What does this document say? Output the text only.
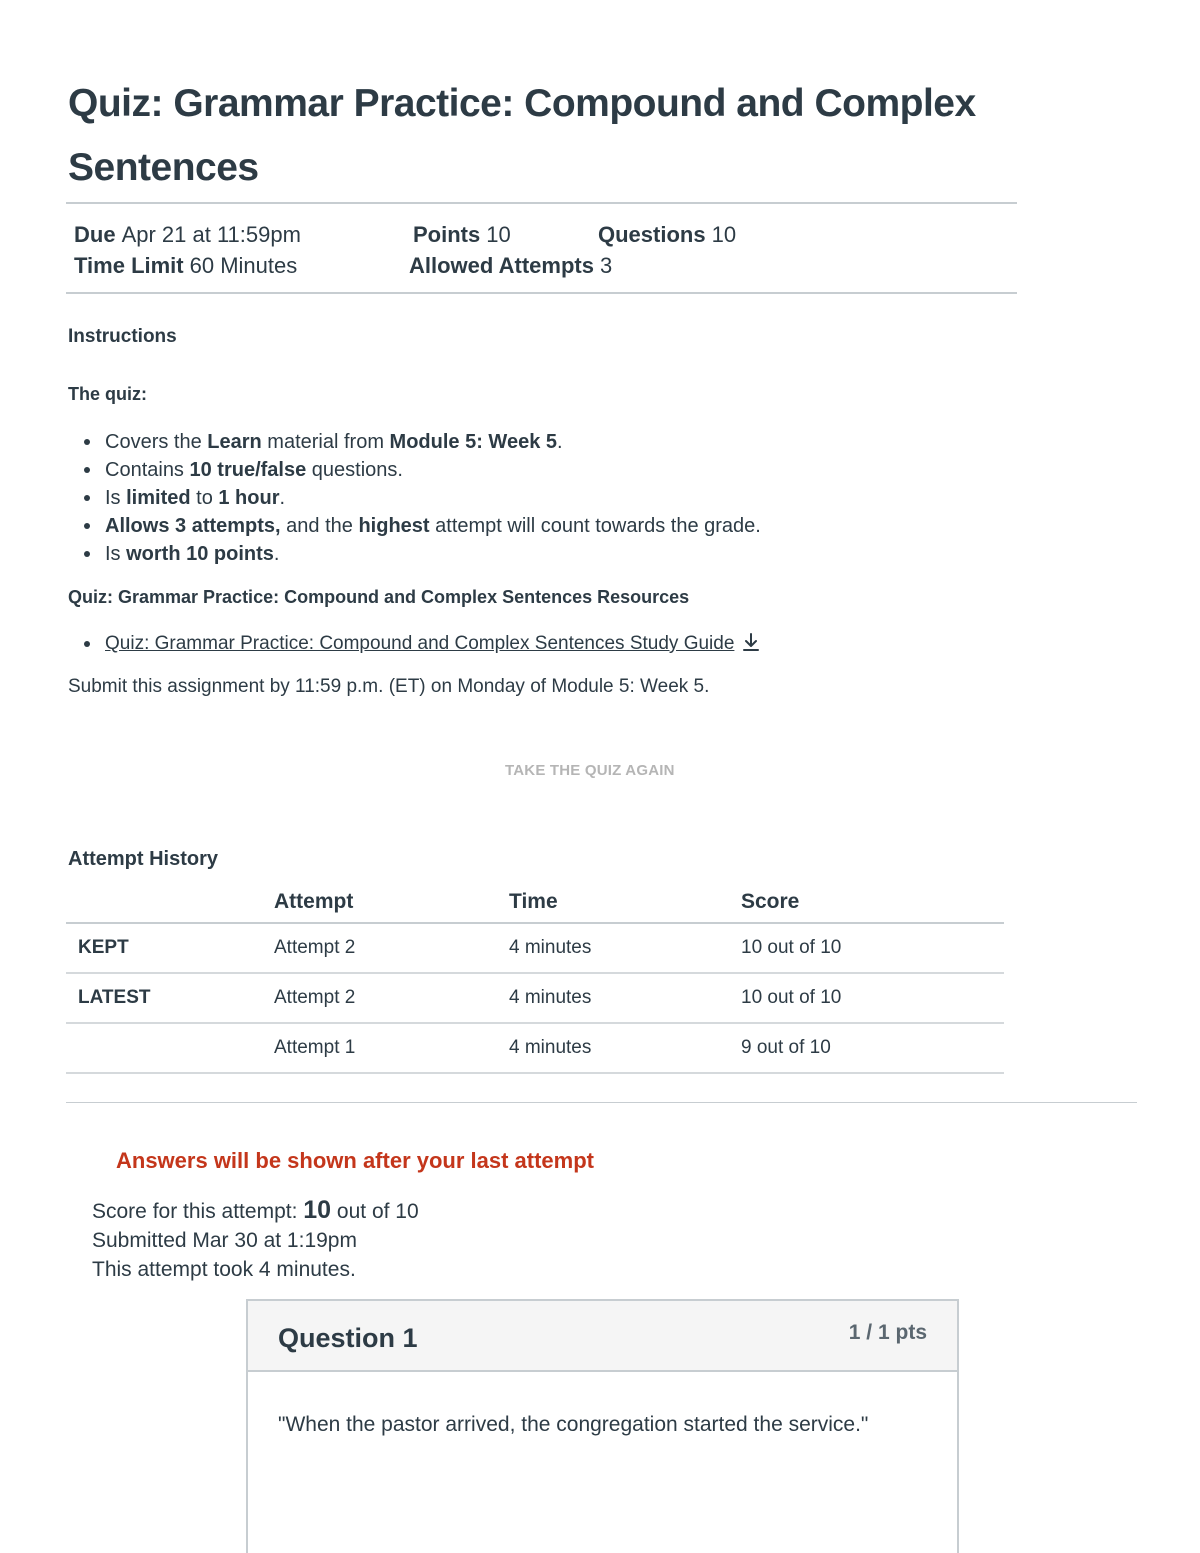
Quiz: Grammar Practice: Compound and Complex Sentences
Due Apr 21 at 11:59pm	Points 10	Questions 10
Time Limit 60 Minutes	Allowed Attempts 3
Instructions
The quiz:
Covers the Learn material from Module 5: Week 5.
Contains 10 true/false questions.
Is limited to 1 hour.
Allows 3 attempts, and the highest attempt will count towards the grade.
Is worth 10 points.
Quiz: Grammar Practice: Compound and Complex Sentences Resources
Quiz: Grammar Practice: Compound and Complex Sentences Study Guide
Submit this assignment by 11:59 p.m. (ET) on Monday of Module 5: Week 5.
TAKE THE QUIZ AGAIN
Attempt History
Attempt	Time	Score
KEPT	Attempt 2	4 minutes	10 out of 10
LATEST	Attempt 2	4 minutes	10 out of 10
Attempt 1	4 minutes	9 out of 10
Answers will be shown after your last attempt
Score for this attempt: 10 out of 10
Submitted Mar 30 at 1:19pm
This attempt took 4 minutes.
Question 1	1 / 1 pts
"When the pastor arrived, the congregation started the service."
